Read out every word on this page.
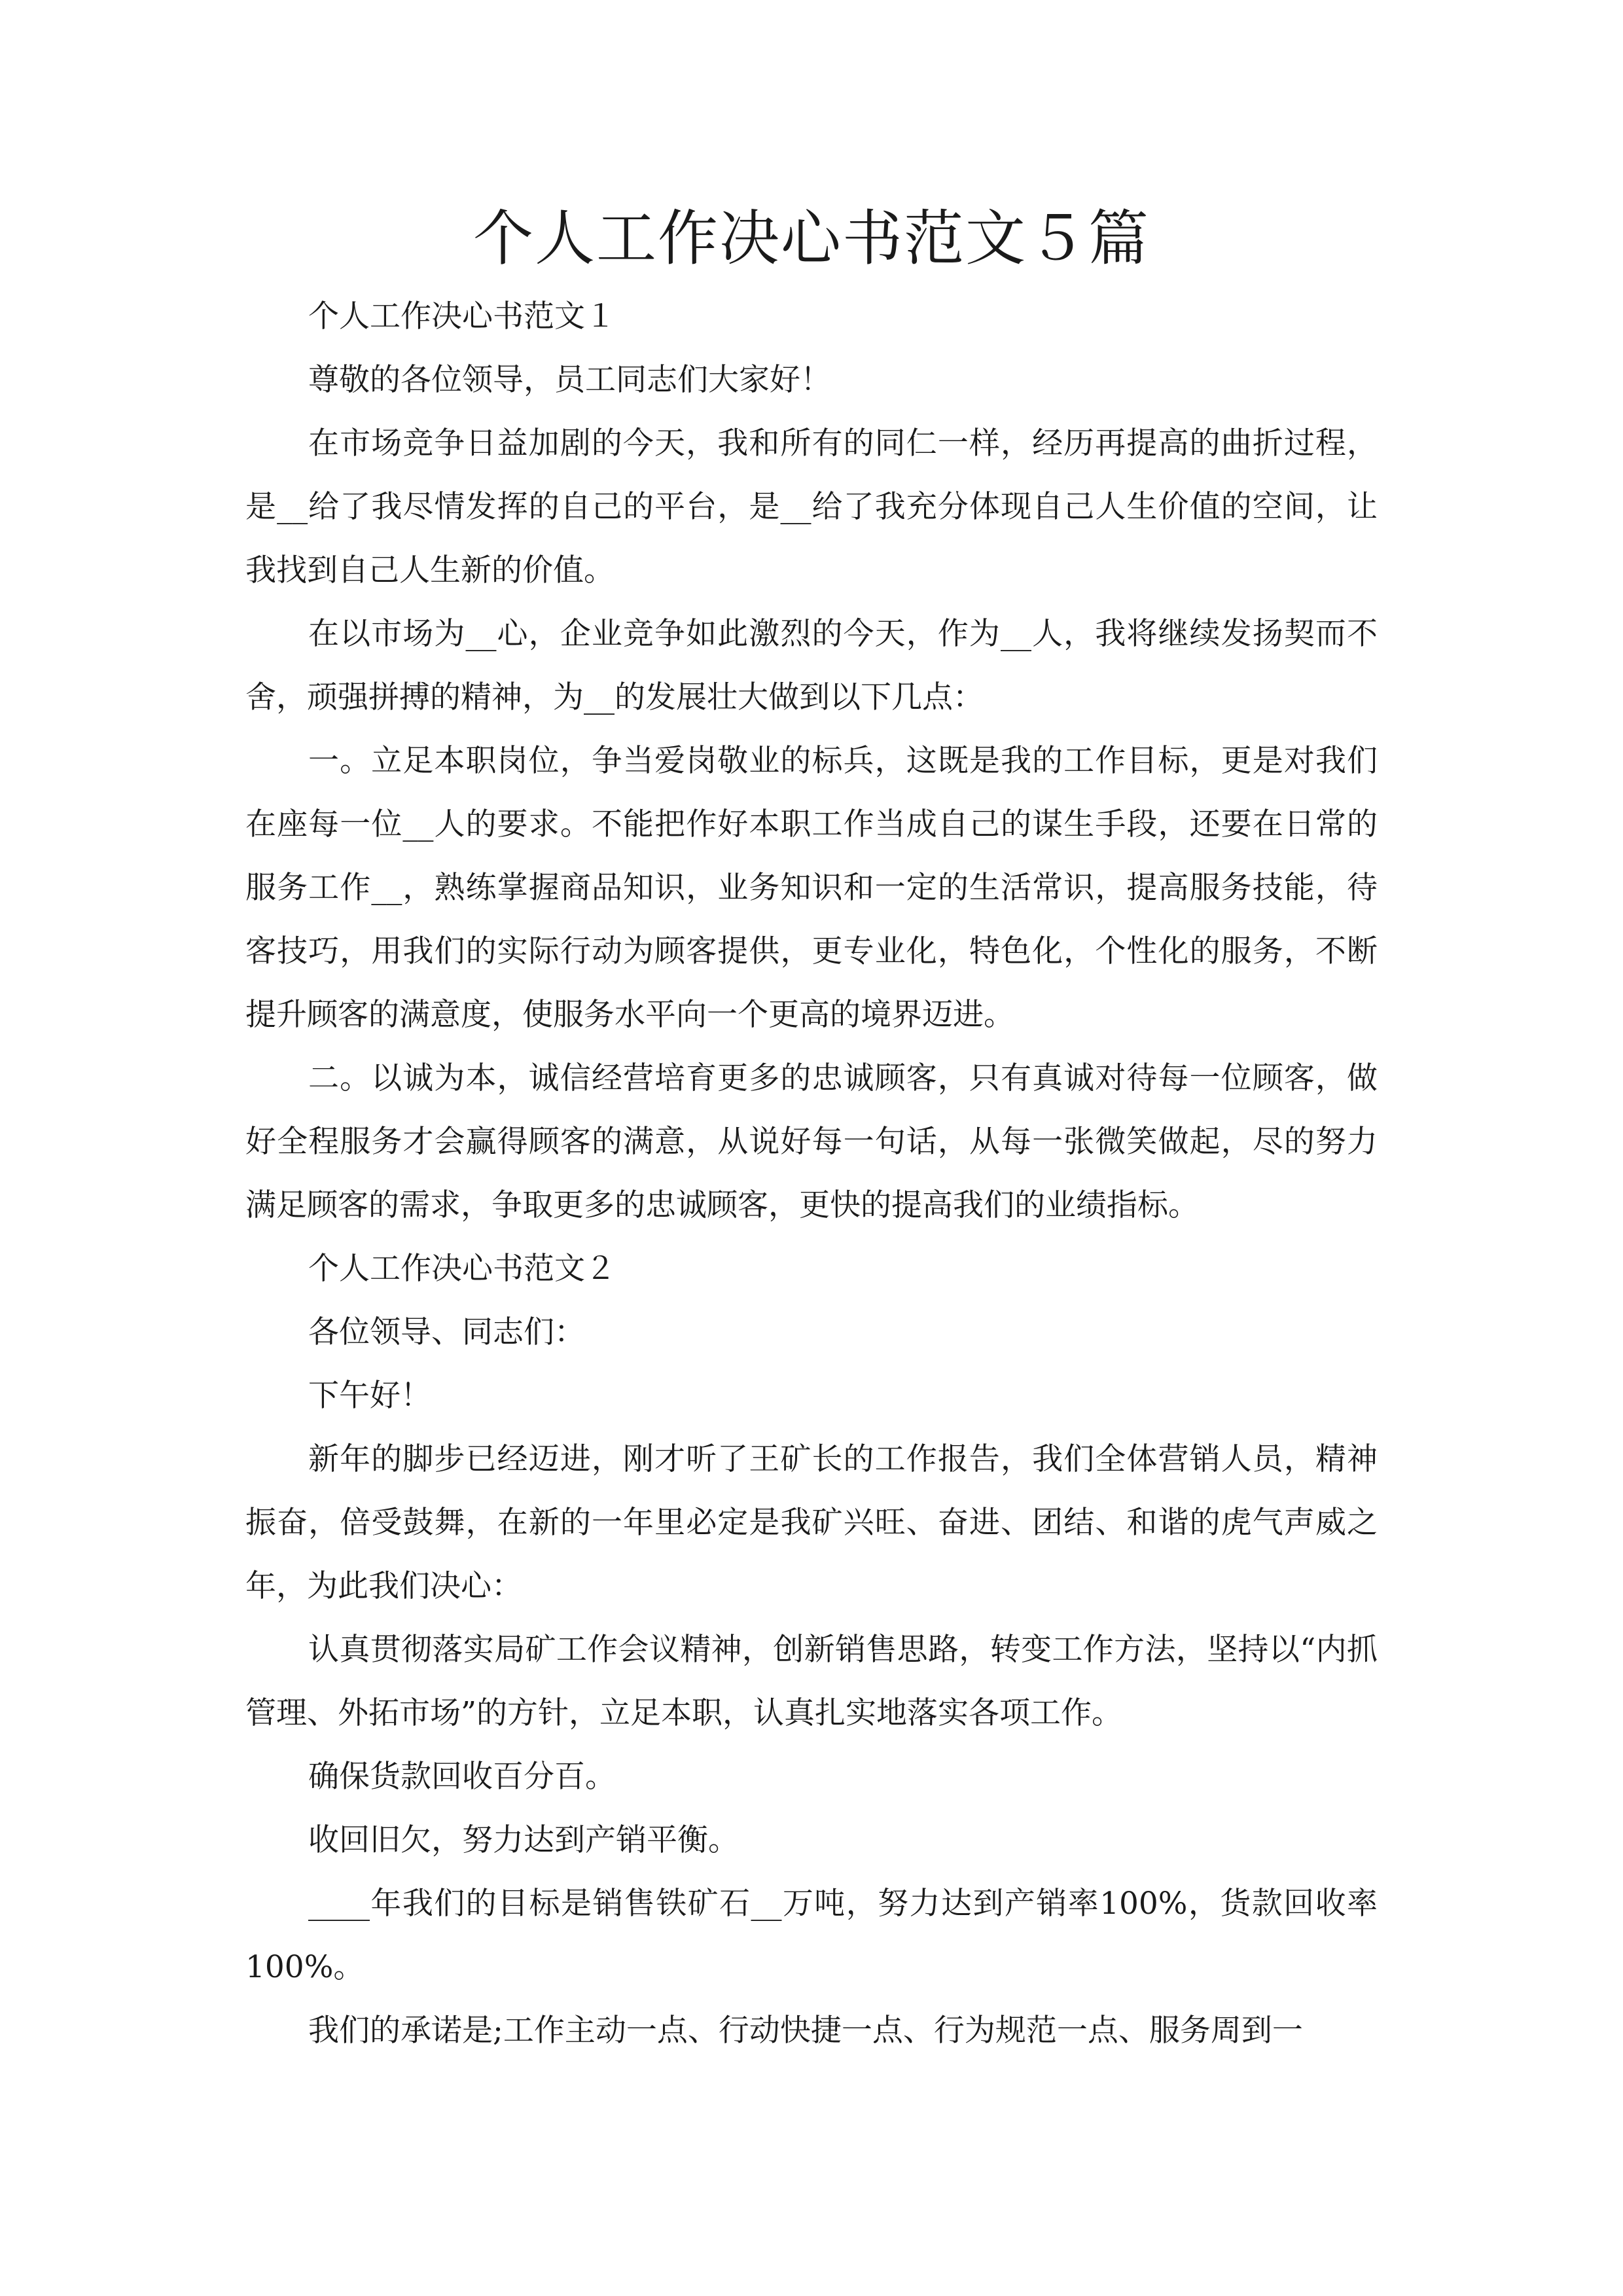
个人工作决心书范文５篇

个人工作决心书范文１

尊敬的各位领导，员工同志们大家好！

在市场竞争日益加剧的今天，我和所有的同仁一样，经历再提高的曲折过程，是__给了我尽情发挥的自己的平台，是__给了我充分体现自己人生价值的空间，让我找到自己人生新的价值。

在以市场为__心，企业竞争如此激烈的今天，作为__人，我将继续发扬契而不舍，顽强拼搏的精神，为__的发展壮大做到以下几点：

一。立足本职岗位，争当爱岗敬业的标兵，这既是我的工作目标，更是对我们在座每一位__人的要求。不能把作好本职工作当成自己的谋生手段，还要在日常的服务工作__，熟练掌握商品知识，业务知识和一定的生活常识，提高服务技能，待客技巧，用我们的实际行动为顾客提供，更专业化，特色化，个性化的服务，不断提升顾客的满意度，使服务水平向一个更高的境界迈进。

二。以诚为本，诚信经营培育更多的忠诚顾客，只有真诚对待每一位顾客，做好全程服务才会赢得顾客的满意，从说好每一句话，从每一张微笑做起，尽的努力满足顾客的需求，争取更多的忠诚顾客，更快的提高我们的业绩指标。

个人工作决心书范文２

各位领导、同志们：

下午好！

新年的脚步已经迈进，刚才听了王矿长的工作报告，我们全体营销人员，精神振奋，倍受鼓舞，在新的一年里必定是我矿兴旺、奋进、团结、和谐的虎气声威之年，为此我们决心：

认真贯彻落实局矿工作会议精神，创新销售思路，转变工作方法，坚持以“内抓管理、外拓市场”的方针，立足本职，认真扎实地落实各项工作。

确保货款回收百分百。

收回旧欠，努力达到产销平衡。

____年我们的目标是销售铁矿石__万吨，努力达到产销率100%，货款回收率100%。

我们的承诺是;工作主动一点、行动快捷一点、行为规范一点、服务周到一
